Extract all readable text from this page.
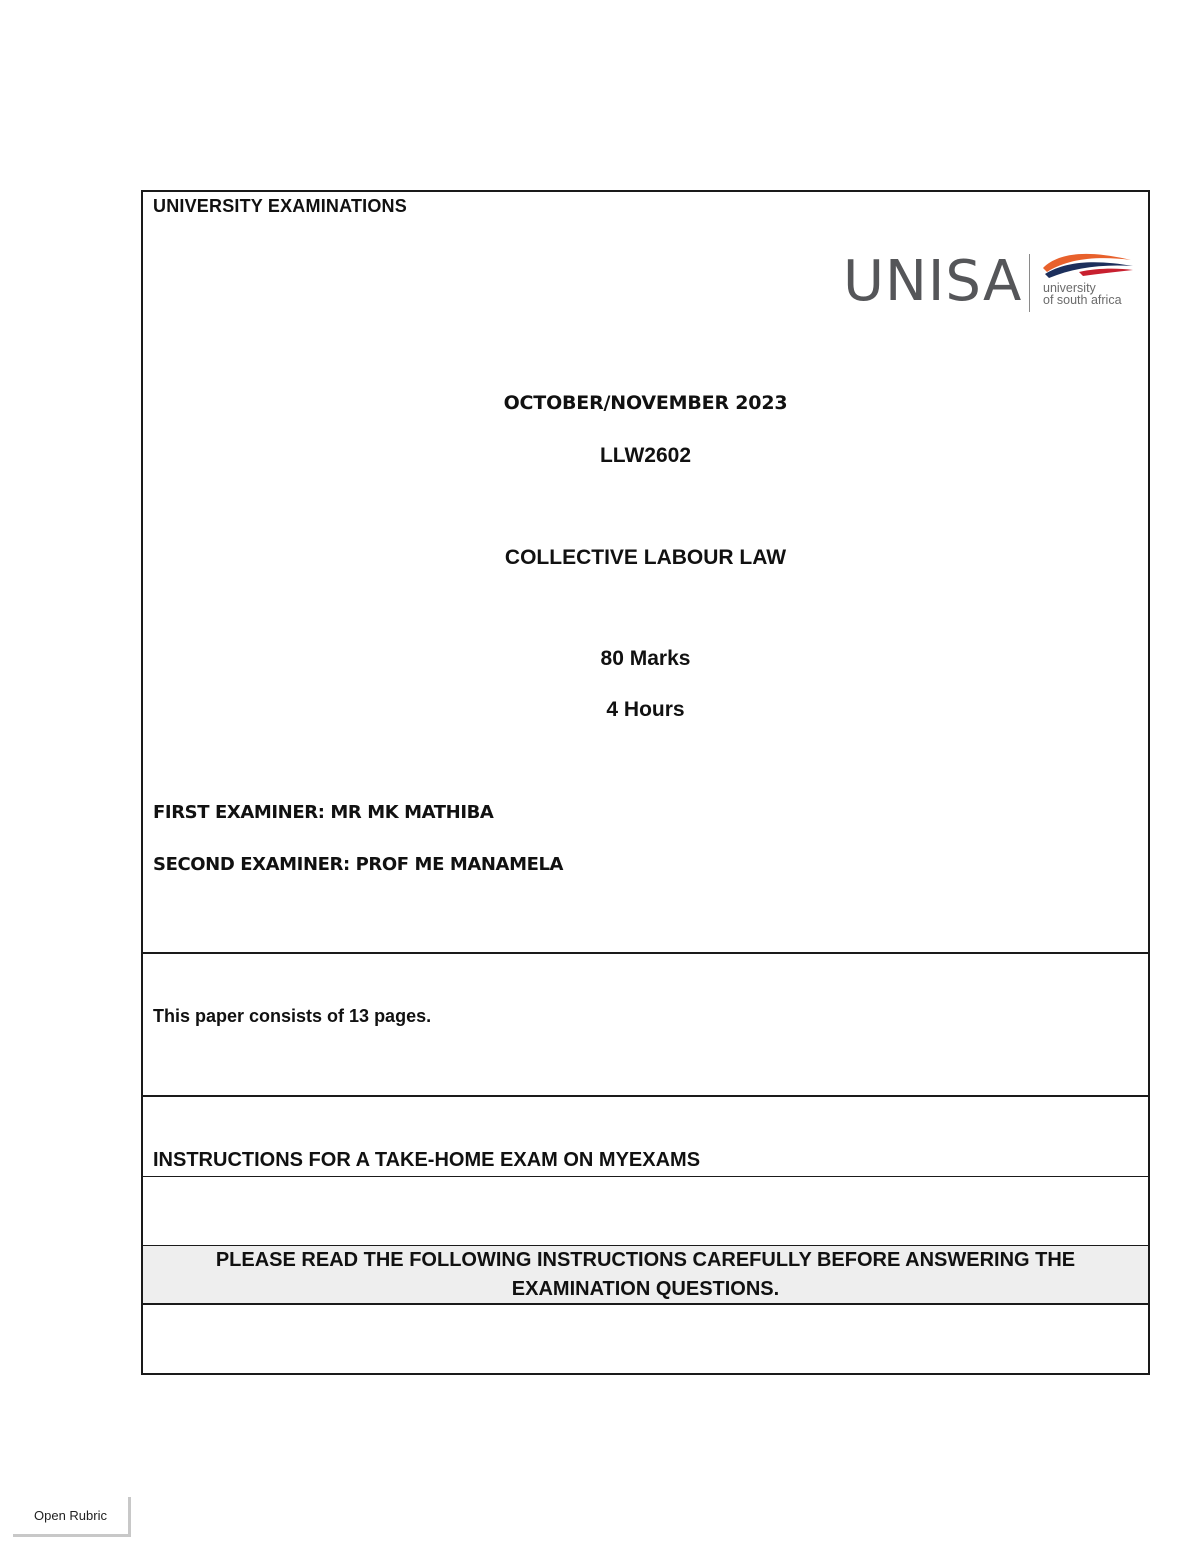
UNIVERSITY EXAMINATIONS
UNISA university
of south africa
OCTOBER/NOVEMBER 2023
LLW2602
COLLECTIVE LABOUR LAW
80 Marks
4 Hours
FIRST EXAMINER: MR MK MATHIBA
SECOND EXAMINER: PROF ME MANAMELA
This paper consists of 13 pages.
INSTRUCTIONS FOR A TAKE-HOME EXAM ON MYEXAMS
PLEASE READ THE FOLLOWING INSTRUCTIONS CAREFULLY BEFORE ANSWERING THE EXAMINATION QUESTIONS.
Open Rubric
